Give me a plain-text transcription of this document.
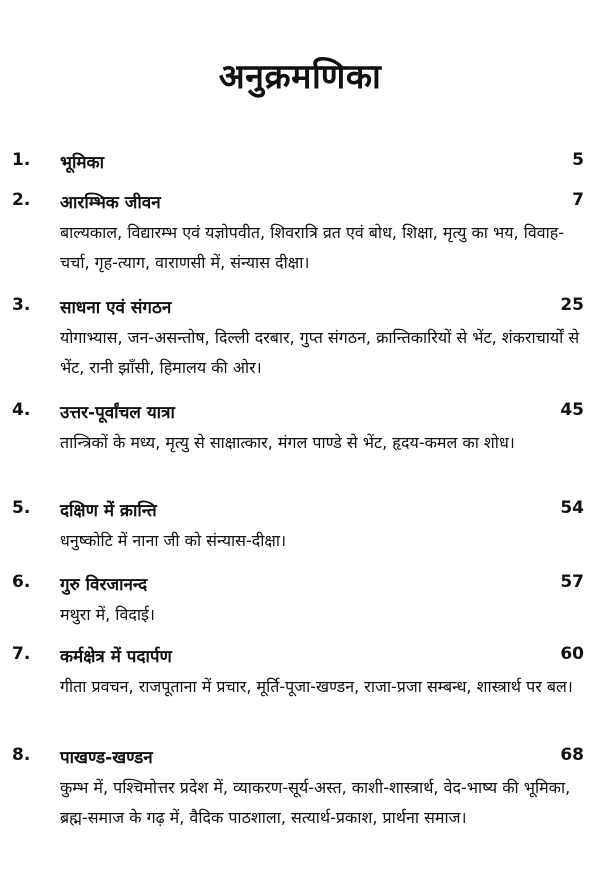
अनुक्रमणिका
1. भूमिका	5
2. आरम्भिक जीवन	7
बाल्यकाल, विद्यारम्भ एवं यज्ञोपवीत, शिवरात्रि व्रत एवं बोध, शिक्षा, मृत्यु का भय, विवाह-चर्चा, गृह-त्याग, वाराणसी में, संन्यास दीक्षा।
3. साधना एवं संगठन	25
योगाभ्यास, जन-असन्तोष, दिल्ली दरबार, गुप्त संगठन, क्रान्तिकारियों से भेंट, शंकराचार्यों से भेंट, रानी झाँसी, हिमालय की ओर।
4. उत्तर-पूर्वांचल यात्रा	45
तान्त्रिकों के मध्य, मृत्यु से साक्षात्कार, मंगल पाण्डे से भेंट, हृदय-कमल का शोध।
5. दक्षिण में क्रान्ति	54
धनुष्कोटि में नाना जी को संन्यास-दीक्षा।
6. गुरु विरजानन्द	57
मथुरा में, विदाई।
7. कर्मक्षेत्र में पदार्पण	60
गीता प्रवचन, राजपूताना में प्रचार, मूर्ति-पूजा-खण्डन, राजा-प्रजा सम्बन्ध, शास्त्रार्थ पर बल।
8. पाखण्ड-खण्डन	68
कुम्भ में, पश्चिमोत्तर प्रदेश में, व्याकरण-सूर्य-अस्त, काशी-शास्त्रार्थ, वेद-भाष्य की भूमिका, ब्रह्म-समाज के गढ़ में, वैदिक पाठशाला, सत्यार्थ-प्रकाश, प्रार्थना समाज।
